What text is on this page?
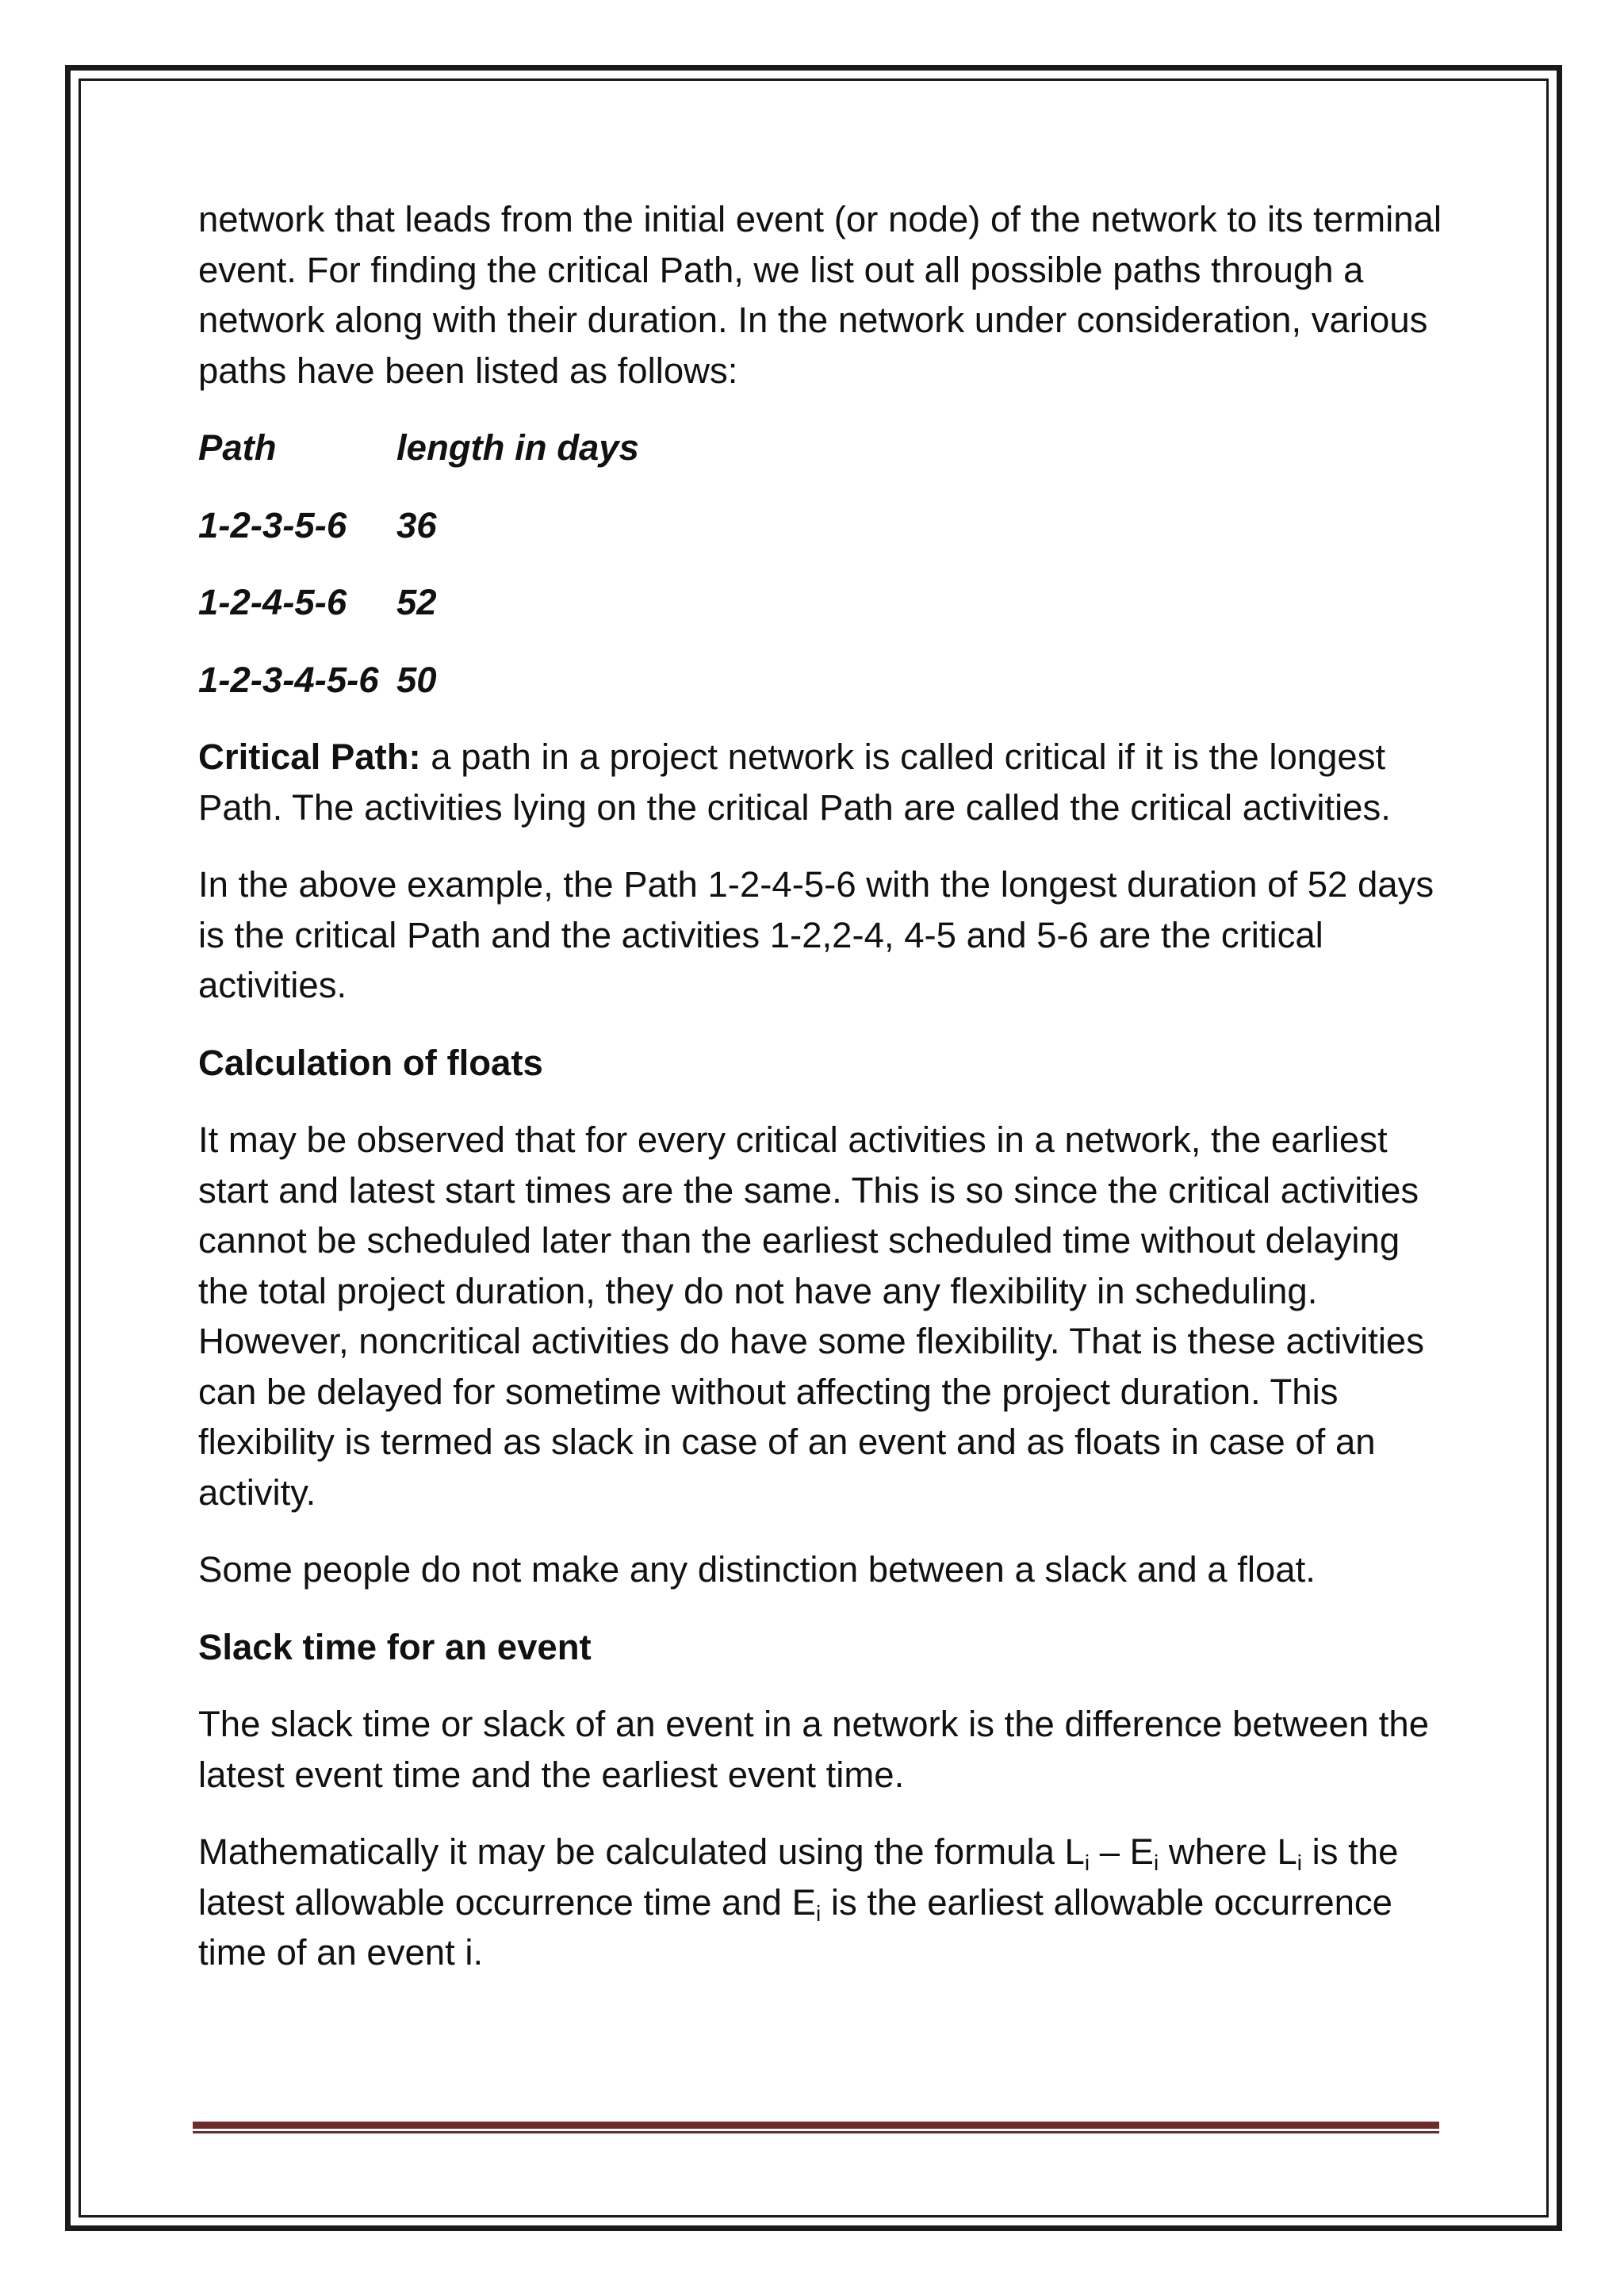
network that leads from the initial event (or node) of the network to its terminal event. For finding the critical Path, we list out all possible paths through a network along with their duration. In the network under consideration, various paths have been listed as follows:

Path	length in days
1-2-3-5-6	36
1-2-4-5-6	52
1-2-3-4-5-6 50

Critical Path: a path in a project network is called critical if it is the longest Path. The activities lying on the critical Path are called the critical activities.

In the above example, the Path 1-2-4-5-6 with the longest duration of 52 days is the critical Path and the activities 1-2,2-4, 4-5 and 5-6 are the critical activities.

Calculation of floats

It may be observed that for every critical activities in a network, the earliest start and latest start times are the same. This is so since the critical activities cannot be scheduled later than the earliest scheduled time without delaying the total project duration, they do not have any flexibility in scheduling. However, noncritical activities do have some flexibility. That is these activities can be delayed for sometime without affecting the project duration. This flexibility is termed as slack in case of an event and as floats in case of an activity.

Some people do not make any distinction between a slack and a float.

Slack time for an event

The slack time or slack of an event in a network is the difference between the latest event time and the earliest event time.

Mathematically it may be calculated using the formula $L_i - E_i$ where $L_i$ is the latest allowable occurrence time and $E_i$ is the earliest allowable occurrence time of an event i.
